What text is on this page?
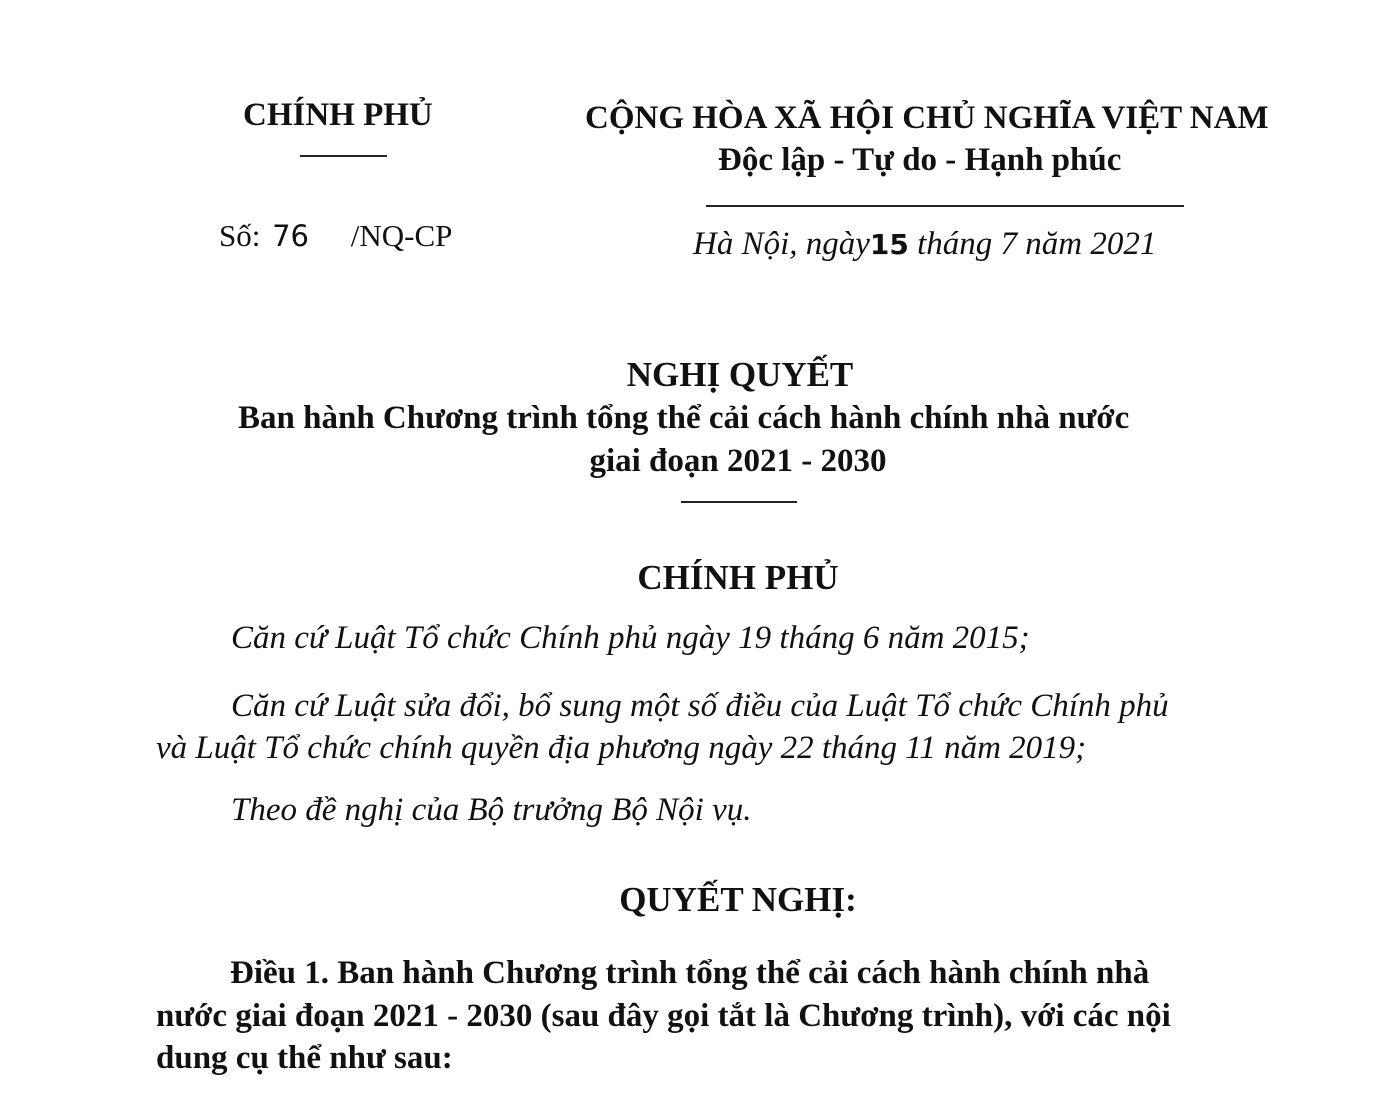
CHÍNH PHỦ
Số: 76 /NQ-CP
CỘNG HÒA XÃ HỘI CHỦ NGHĨA VIỆT NAM
Độc lập - Tự do - Hạnh phúc
Hà Nội, ngày15 tháng 7 năm 2021
NGHỊ QUYẾT
Ban hành Chương trình tổng thể cải cách hành chính nhà nước
giai đoạn 2021 - 2030
CHÍNH PHỦ
Căn cứ Luật Tổ chức Chính phủ ngày 19 tháng 6 năm 2015;
Căn cứ Luật sửa đổi, bổ sung một số điều của Luật Tổ chức Chính phủ
và Luật Tổ chức chính quyền địa phương ngày 22 tháng 11 năm 2019;
Theo đề nghị của Bộ trưởng Bộ Nội vụ.
QUYẾT NGHỊ:
Điều 1. Ban hành Chương trình tổng thể cải cách hành chính nhà
nước giai đoạn 2021 - 2030 (sau đây gọi tắt là Chương trình), với các nội
dung cụ thể như sau:
